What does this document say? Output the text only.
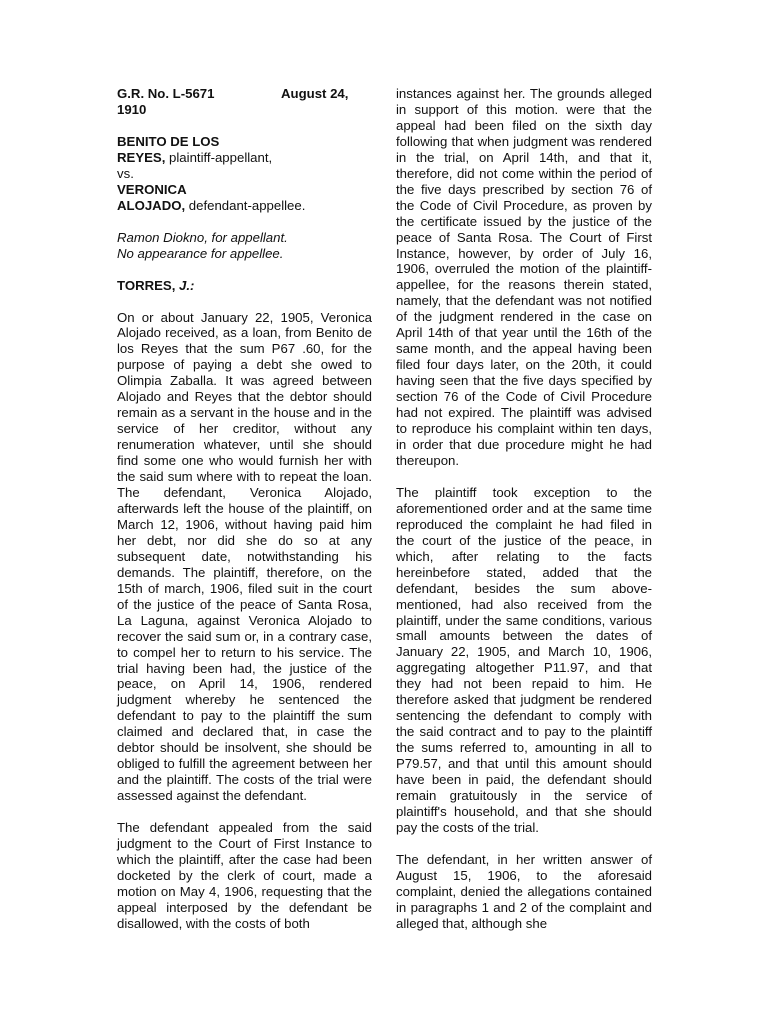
G.R. No. L-5671	August 24,
1910

BENITO DE LOS
REYES, plaintiff-appellant,
vs.
VERONICA
ALOJADO, defendant-appellee.

Ramon Diokno, for appellant.
No appearance for appellee.

TORRES, J.:

On or about January 22, 1905, Veronica Alojado received, as a loan, from Benito de los Reyes that the sum P67 .60, for the purpose of paying a debt she owed to Olimpia Zaballa. It was agreed between Alojado and Reyes that the debtor should remain as a servant in the house and in the service of her creditor, without any renumeration whatever, until she should find some one who would furnish her with the said sum where with to repeat the loan. The defendant, Veronica Alojado, afterwards left the house of the plaintiff, on March 12, 1906, without having paid him her debt, nor did she do so at any subsequent date, notwithstanding his demands. The plaintiff, therefore, on the 15th of march, 1906, filed suit in the court of the justice of the peace of Santa Rosa, La Laguna, against Veronica Alojado to recover the said sum or, in a contrary case, to compel her to return to his service. The trial having been had, the justice of the peace, on April 14, 1906, rendered judgment whereby he sentenced the defendant to pay to the plaintiff the sum claimed and declared that, in case the debtor should be insolvent, she should be obliged to fulfill the agreement between her and the plaintiff. The costs of the trial were assessed against the defendant.

The defendant appealed from the said judgment to the Court of First Instance to which the plaintiff, after the case had been docketed by the clerk of court, made a motion on May 4, 1906, requesting that the appeal interposed by the defendant be disallowed, with the costs of both

instances against her. The grounds alleged in support of this motion. were that the appeal had been filed on the sixth day following that when judgment was rendered in the trial, on April 14th, and that it, therefore, did not come within the period of the five days prescribed by section 76 of the Code of Civil Procedure, as proven by the certificate issued by the justice of the peace of Santa Rosa. The Court of First Instance, however, by order of July 16, 1906, overruled the motion of the plaintiff-appellee, for the reasons therein stated, namely, that the defendant was not notified of the judgment rendered in the case on April 14th of that year until the 16th of the same month, and the appeal having been filed four days later, on the 20th, it could having seen that the five days specified by section 76 of the Code of Civil Procedure had not expired. The plaintiff was advised to reproduce his complaint within ten days, in order that due procedure might he had thereupon.

The plaintiff took exception to the aforementioned order and at the same time reproduced the complaint he had filed in the court of the justice of the peace, in which, after relating to the facts hereinbefore stated, added that the defendant, besides the sum above-mentioned, had also received from the plaintiff, under the same conditions, various small amounts between the dates of January 22, 1905, and March 10, 1906, aggregating altogether P11.97, and that they had not been repaid to him. He therefore asked that judgment be rendered sentencing the defendant to comply with the said contract and to pay to the plaintiff the sums referred to, amounting in all to P79.57, and that until this amount should have been in paid, the defendant should remain gratuitously in the service of plaintiff's household, and that she should pay the costs of the trial.

The defendant, in her written answer of August 15, 1906, to the aforesaid complaint, denied the allegations contained in paragraphs 1 and 2 of the complaint and alleged that, although she
